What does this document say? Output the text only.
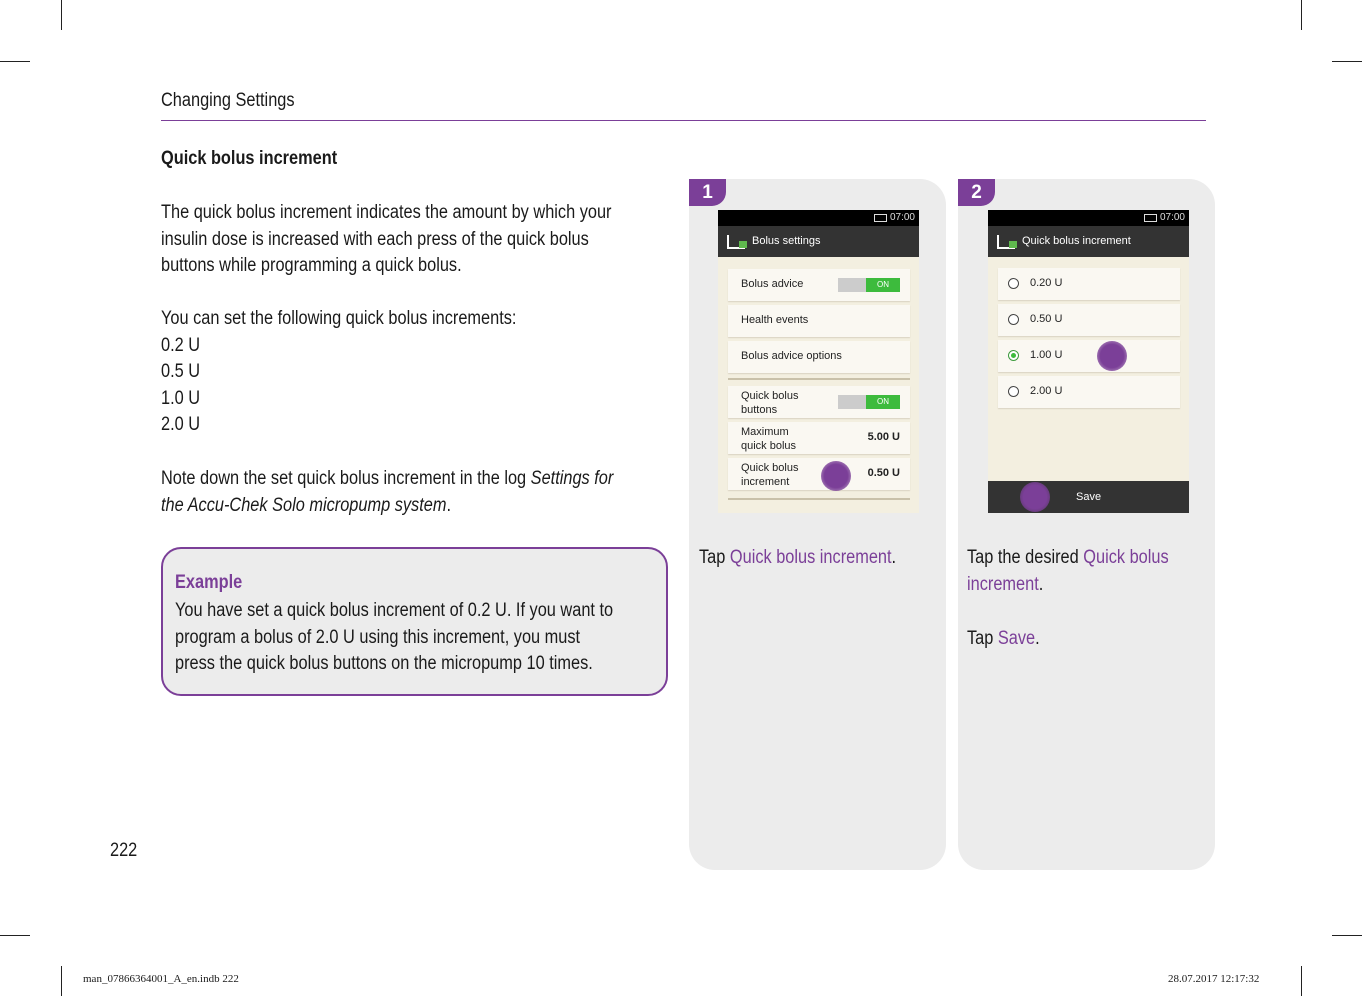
Changing Settings
Quick bolus increment
The quick bolus increment indicates the amount by which your
insulin dose is increased with each press of the quick bolus
buttons while programming a quick bolus.
You can set the following quick bolus increments:
0.2 U
0.5 U
1.0 U
2.0 U
Note down the set quick bolus increment in the log Settings for
the Accu-Chek Solo micropump system.
Example
You have set a quick bolus increment of 0.2 U. If you want to
program a bolus of 2.0 U using this increment, you must
press the quick bolus buttons on the micropump 10 times.
222
1
07:00
Bolus settings
Bolus advice	ON
Health events
Bolus advice options
Quick bolus
buttons
ON
Maximum
quick bolus
5.00 U
Quick bolus
increment
0.50 U
Tap Quick bolus increment.
2
07:00
Quick bolus increment
0.20 U
0.50 U
1.00 U
2.00 U
Save
Tap the desired Quick bolus
increment.
Tap Save.
man_07866364001_A_en.indb 222	28.07.2017 12:17:32
